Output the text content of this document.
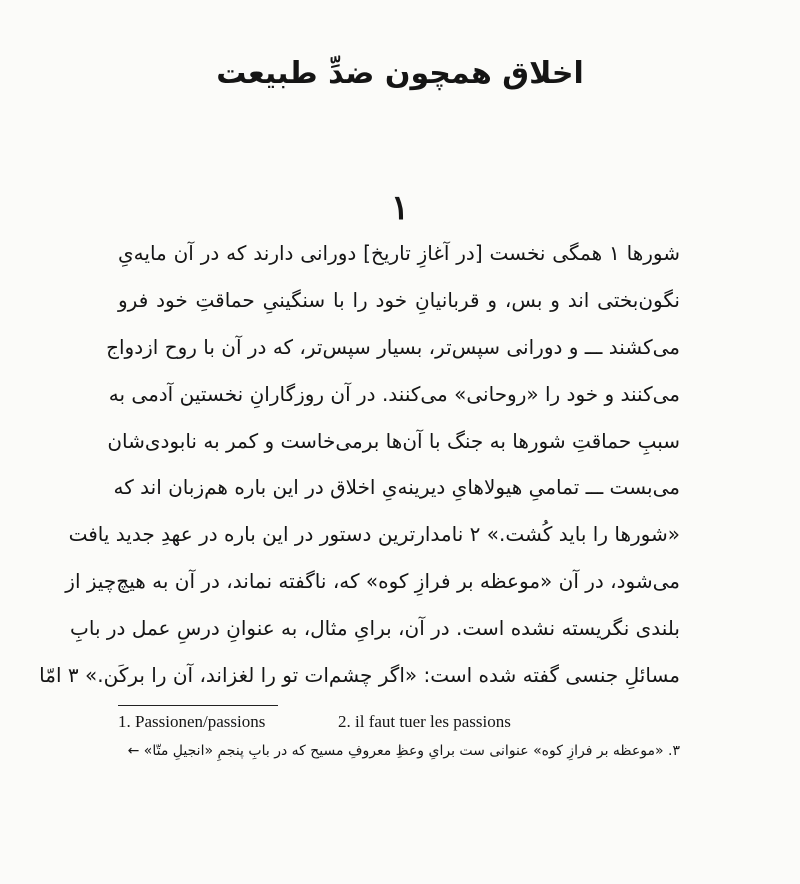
اخلاق همچون ضدِّ طبیعت
۱
شورها ۱ همگی نخست [در آغازِ تاریخ] دورانی دارند که در آن مایه‌یِ
نگون‌بختی اند و بس، و قربانیانِ خود را با سنگینیِ حماقتِ خود فرو
می‌کشند ـــ و دورانی سپس‌تر، بسیار سپس‌تر، که در آن با روح ازدواج
می‌کنند و خود را «روحانی» می‌کنند. در آن روزگارانِ نخستین آدمی به
سببِ حماقتِ شورها به جنگ با آن‌ها برمی‌خاست و کمر به نابودی‌شان
می‌بست ـــ تمامیِ هیولاهایِ دیرینه‌یِ اخلاق در این باره هم‌زبان اند که
«شورها را باید کُشت.» ۲ نامدارترین دستور در این باره در عهدِ جدید یافت
می‌شود، در آن «موعظه بر فرازِ کوه» که، ناگفته نماند، در آن به هیچ‌چیز از
بلندی نگریسته نشده است. در آن، برایِ مثال، به عنوانِ درسِ عمل در بابِ
مسائلِ جنسی گفته شده است: «اگر چشم‌ات تو را لغزاند، آن را برکَن.» ۳ امّا
1. Passionen/passions	2. il faut tuer les passions
۳. «موعظه بر فرازِ کوه» عنوانی ست برایِ وعظِ معروفِ مسیح که در بابِ پنجمِ «انجیلِ متّا» ←
